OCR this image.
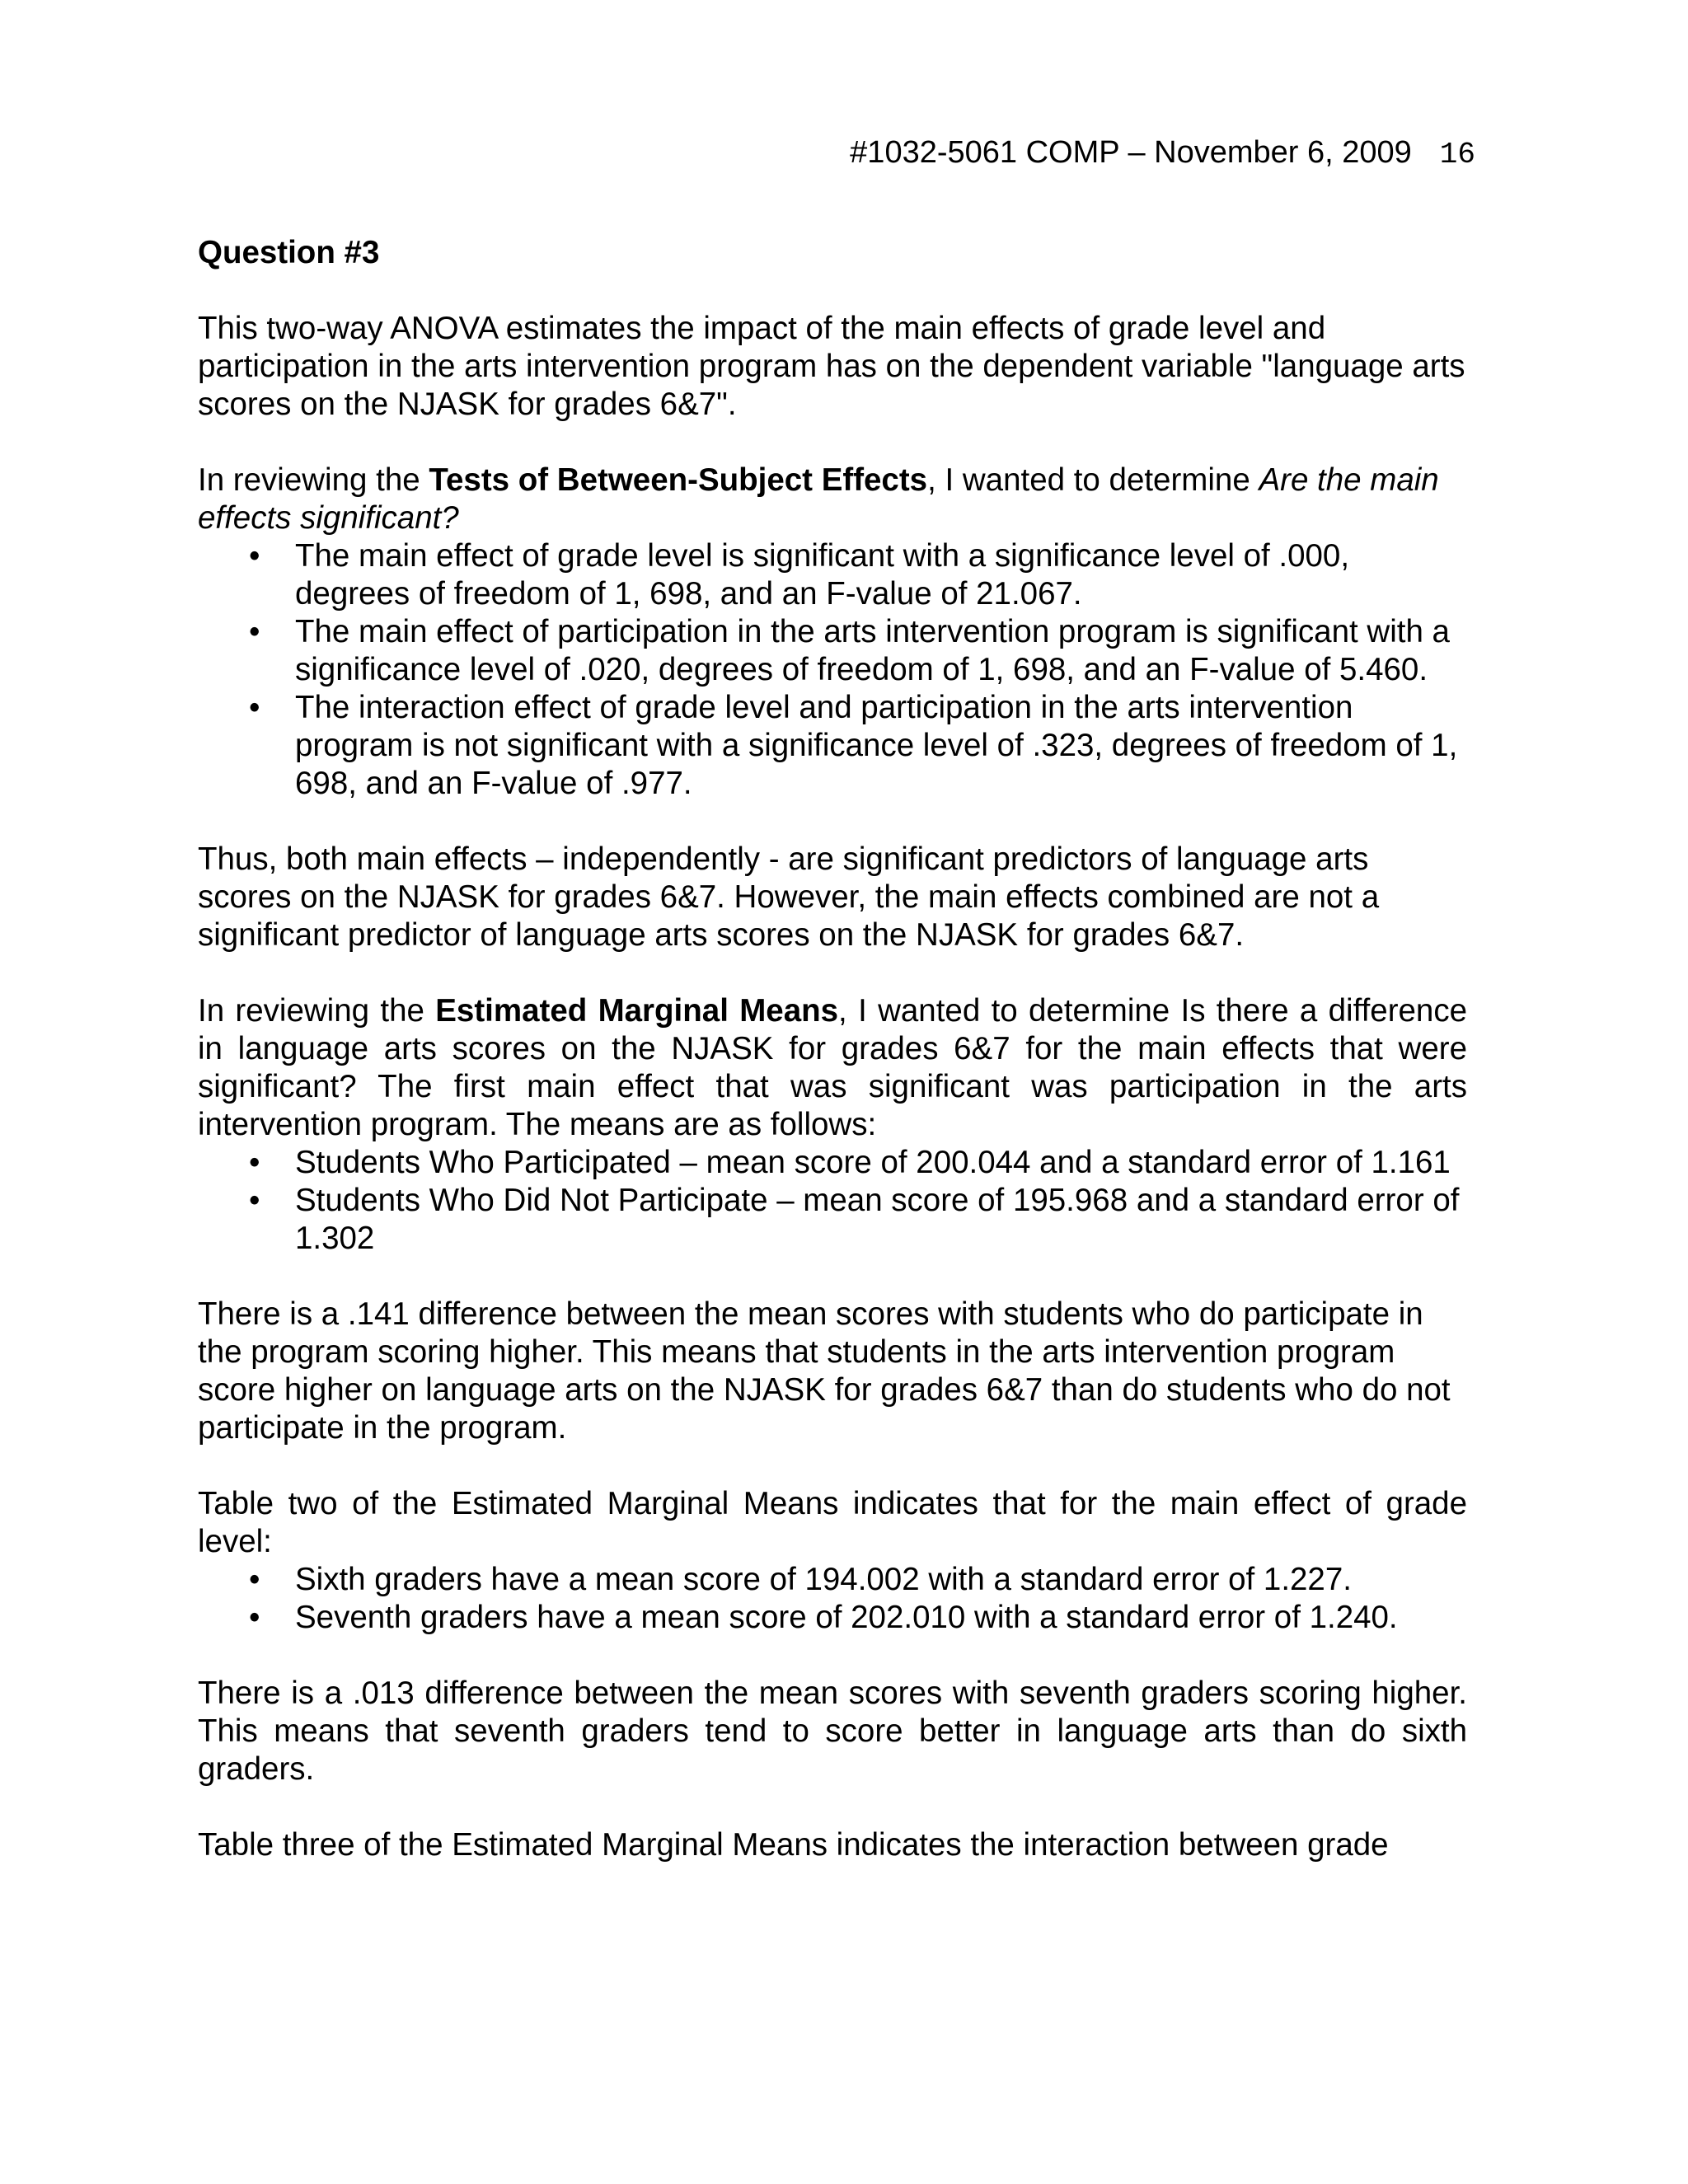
#1032-5061 COMP – November 6, 2009 16
Question #3

This two-way ANOVA estimates the impact of the main effects of grade level and participation in the arts intervention program has on the dependent variable "language arts scores on the NJASK for grades 6&7".

In reviewing the Tests of Between-Subject Effects, I wanted to determine Are the main effects significant?

• The main effect of grade level is significant with a significance level of .000, degrees of freedom of 1, 698, and an F-value of 21.067.
• The main effect of participation in the arts intervention program is significant with a significance level of .020, degrees of freedom of 1, 698, and an F-value of 5.460.
• The interaction effect of grade level and participation in the arts intervention program is not significant with a significance level of .323, degrees of freedom of 1, 698, and an F-value of .977.

Thus, both main effects – independently - are significant predictors of language arts scores on the NJASK for grades 6&7. However, the main effects combined are not a significant predictor of language arts scores on the NJASK for grades 6&7.

In reviewing the Estimated Marginal Means, I wanted to determine Is there a difference in language arts scores on the NJASK for grades 6&7 for the main effects that were significant? The first main effect that was significant was participation in the arts intervention program. The means are as follows:

• Students Who Participated – mean score of 200.044 and a standard error of 1.161
• Students Who Did Not Participate – mean score of 195.968 and a standard error of 1.302

There is a .141 difference between the mean scores with students who do participate in the program scoring higher. This means that students in the arts intervention program score higher on language arts on the NJASK for grades 6&7 than do students who do not participate in the program.

Table two of the Estimated Marginal Means indicates that for the main effect of grade level:

• Sixth graders have a mean score of 194.002 with a standard error of 1.227.
• Seventh graders have a mean score of 202.010 with a standard error of 1.240.

There is a .013 difference between the mean scores with seventh graders scoring higher. This means that seventh graders tend to score better in language arts than do sixth graders.

Table three of the Estimated Marginal Means indicates the interaction between grade
